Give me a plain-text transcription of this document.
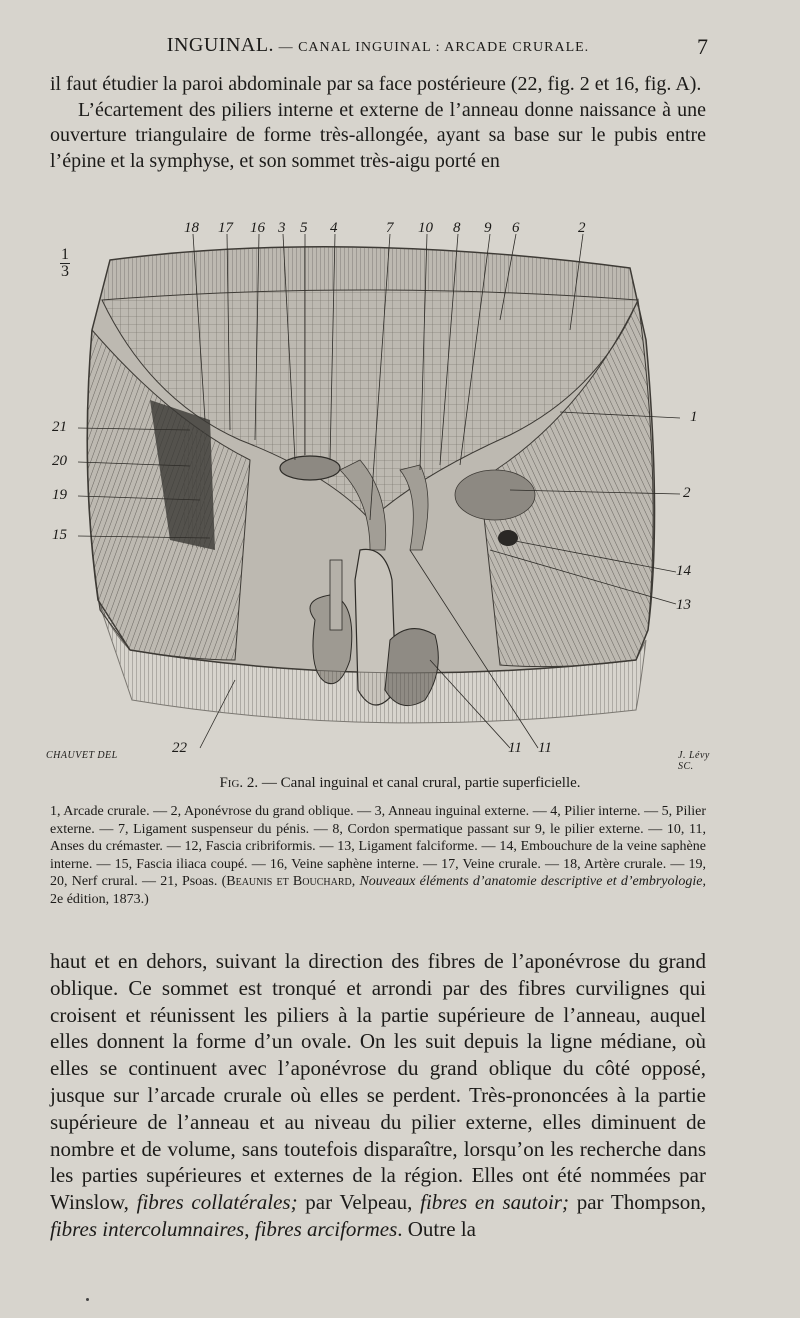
INGUINAL. — CANAL INGUINAL : ARCADE CRURALE.	7

il faut étudier la paroi abdominale par sa face postérieure (22, fig. 2 et 16, fig. A).

L’écartement des piliers interne et externe de l’anneau donne naissance à une ouverture triangulaire de forme très-allongée, ayant sa base sur le pubis entre l’épine et la symphyse, et son sommet très-aigu porté en

1
3
18 17 16 3 5 4	7 10 8 9 6	2
21
20
19
15
1
2
14
13
22	11 11
CHAUVET DEL	J. Lévy SC.
Fig. 2. — Canal inguinal et canal crural, partie superficielle.

1, Arcade crurale. — 2, Aponévrose du grand oblique. — 3, Anneau inguinal externe. — 4, Pilier interne. — 5, Pilier externe. — 7, Ligament suspenseur du pénis. — 8, Cordon spermatique passant sur 9, le pilier externe. — 10, 11, Anses du crémaster. — 12, Fascia cribriformis. — 13, Ligament falciforme. — 14, Embouchure de la veine saphène interne. — 15, Fascia iliaca coupé. — 16, Veine saphène interne. — 17, Veine crurale. — 18, Artère crurale. — 19, 20, Nerf crural. — 21, Psoas. (Beaunis et Bouchard, Nouveaux éléments d’anatomie descriptive et d’embryologie, 2e édition, 1873.)

haut et en dehors, suivant la direction des fibres de l’aponévrose du grand oblique. Ce sommet est tronqué et arrondi par des fibres curvilignes qui croisent et réunissent les piliers à la partie supérieure de l’anneau, auquel elles donnent la forme d’un ovale. On les suit depuis la ligne médiane, où elles se continuent avec l’aponévrose du grand oblique du côté opposé, jusque sur l’arcade crurale où elles se perdent. Très-prononcées à la partie supérieure de l’anneau et au niveau du pilier externe, elles diminuent de nombre et de volume, sans toutefois disparaître, lorsqu’on les recherche dans les parties supérieures et externes de la région. Elles ont été nommées par Winslow, fibres collatérales; par Velpeau, fibres en sautoir; par Thompson, fibres intercolumnaires, fibres arciformes. Outre la
